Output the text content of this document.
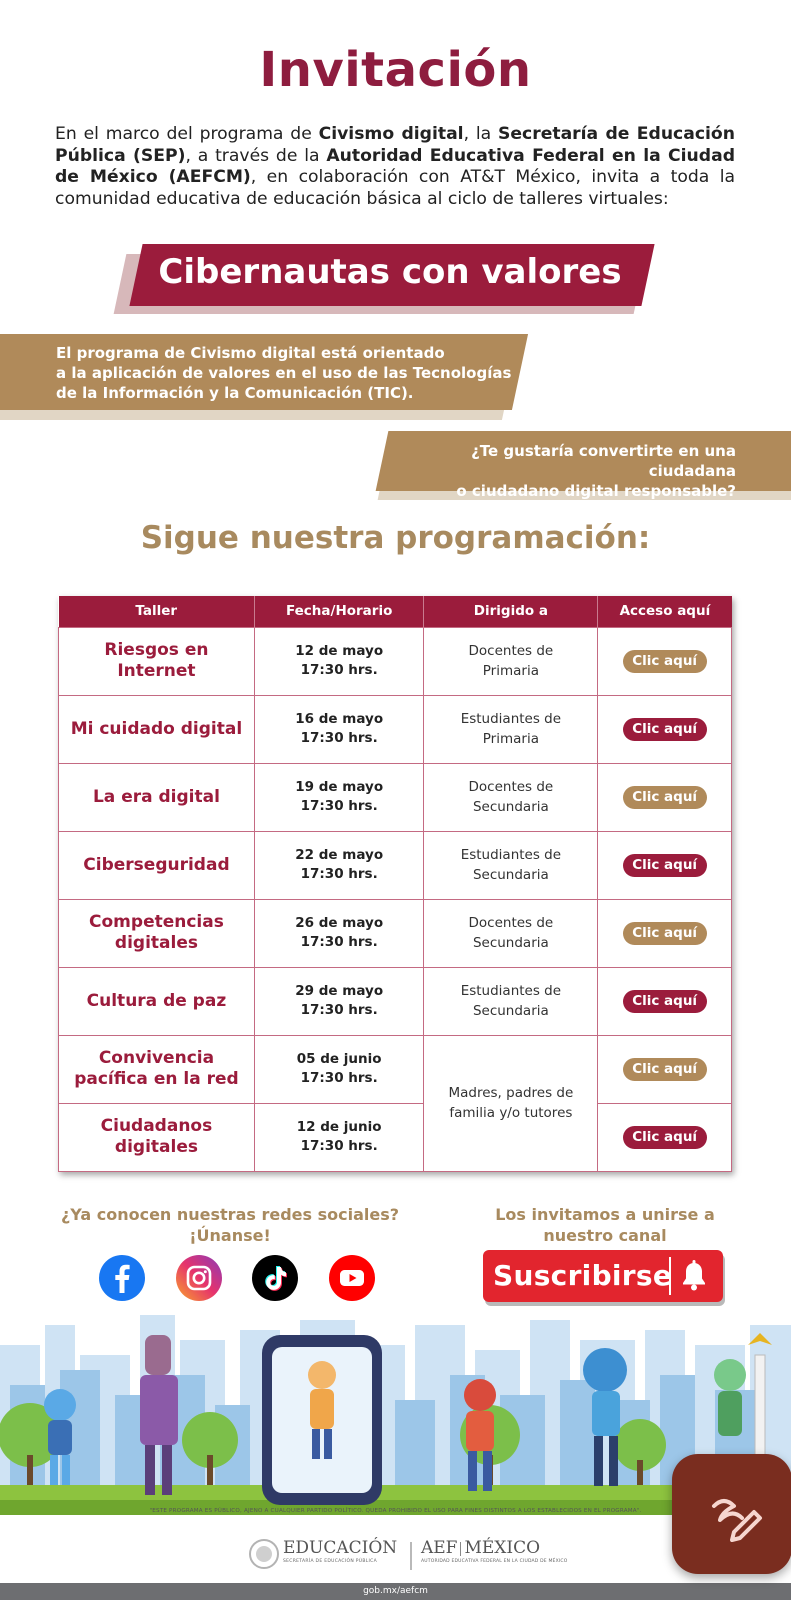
Invitación

En el marco del programa de Civismo digital, la Secretaría de Educación Pública (SEP), a través de la Autoridad Educativa Federal en la Ciudad de México (AEFCM), en colaboración con AT&T México, invita a toda la comunidad educativa de educación básica al ciclo de talleres virtuales:

Cibernautas con valores
El programa de Civismo digital está orientado
a la aplicación de valores en el uso de las Tecnologías
de la Información y la Comunicación (TIC).
¿Te gustaría convertirte en una ciudadana
o ciudadano digital responsable?
Sigue nuestra programación:
Taller	Fecha/Horario	Dirigido a	Acceso aquí

Riesgos en Internet	12 de mayo
17:30 hrs.	Docentes de Primaria	Clic aquí

Mi cuidado digital	16 de mayo
17:30 hrs.	Estudiantes de Primaria	Clic aquí

La era digital	19 de mayo
17:30 hrs.	Docentes de Secundaria	Clic aquí

Ciberseguridad	22 de mayo
17:30 hrs.	Estudiantes de Secundaria	Clic aquí

Competencias digitales	26 de mayo
17:30 hrs.	Docentes de Secundaria	Clic aquí

Cultura de paz	29 de mayo
17:30 hrs.	Estudiantes de Secundaria	Clic aquí

Convivencia pacífica en la red	05 de junio
17:30 hrs.	Madres, padres de familia y/o tutores	Clic aquí

Ciudadanos digitales	12 de junio
17:30 hrs.		Clic aquí
¿Ya conocen nuestras redes sociales?
¡Únanse!
Los invitamos a unirse a
nuestro canal
Suscribirse
"ESTE PROGRAMA ES PÚBLICO, AJENO A CUALQUIER PARTIDO POLÍTICO. QUEDA PROHIBIDO EL USO PARA FINES DISTINTOS A LOS ESTABLECIDOS EN EL PROGRAMA".
EDUCACIÓN
SECRETARÍA DE EDUCACIÓN PÚBLICA
AEF MÉXICO
AUTORIDAD EDUCATIVA FEDERAL EN LA CIUDAD DE MÉXICO
gob.mx/aefcm
